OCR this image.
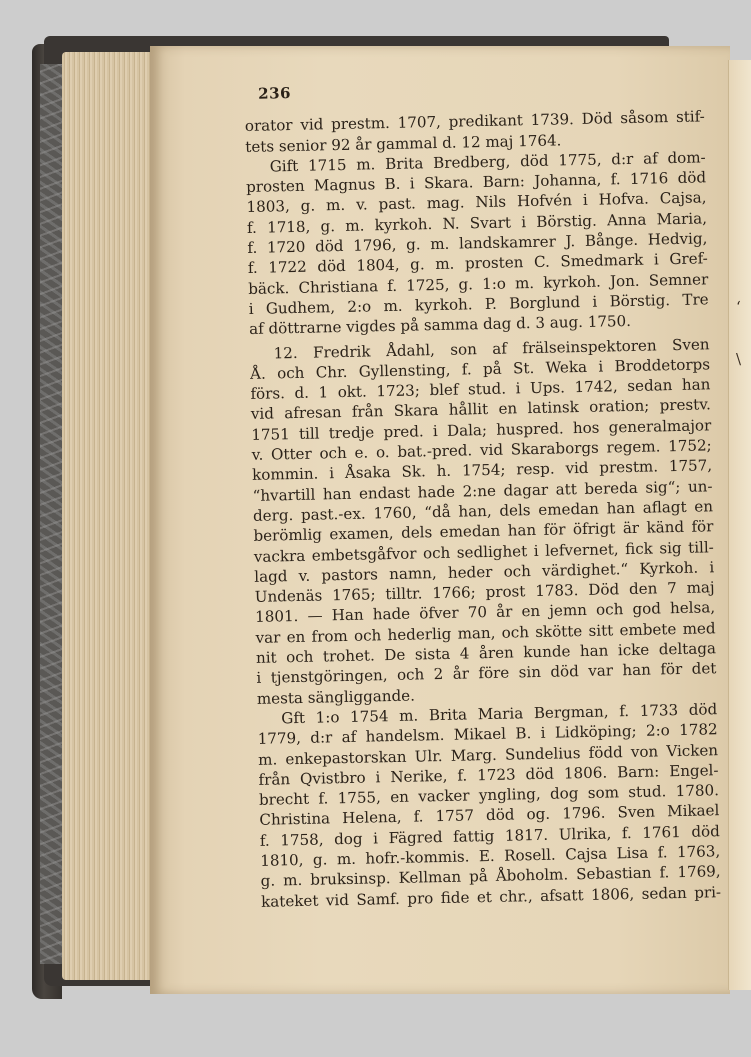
‘
\
236
orator vid prestm. 1707, predikant 1739. Död såsom stif-
tets senior 92 år gammal d. 12 maj 1764.
Gift 1715 m. Brita Bredberg, död 1775, d:r af dom-
prosten Magnus B. i Skara. Barn: Johanna, f. 1716 död
1803, g. m. v. past. mag. Nils Hofvén i Hofva. Cajsa,
f. 1718, g. m. kyrkoh. N. Svart i Börstig. Anna Maria,
f. 1720 död 1796, g. m. landskamrer J. Bånge. Hedvig,
f. 1722 död 1804, g. m. prosten C. Smedmark i Gref-
bäck. Christiana f. 1725, g. 1:o m. kyrkoh. Jon. Semner
i Gudhem, 2:o m. kyrkoh. P. Borglund i Börstig. Tre
af döttrarne vigdes på samma dag d. 3 aug. 1750.
12. Fredrik Ådahl, son af frälseinspektoren Sven
Å. och Chr. Gyllensting, f. på St. Weka i Broddetorps
förs. d. 1 okt. 1723; blef stud. i Ups. 1742, sedan han
vid afresan från Skara hållit en latinsk oration; prestv.
1751 till tredje pred. i Dala; huspred. hos generalmajor
v. Otter och e. o. bat.-pred. vid Skaraborgs regem. 1752;
kommin. i Åsaka Sk. h. 1754; resp. vid prestm. 1757,
“hvartill han endast hade 2:ne dagar att bereda sig“; un-
derg. past.-ex. 1760, “då han, dels emedan han aflagt en
berömlig examen, dels emedan han för öfrigt är känd för
vackra embetsgåfvor och sedlighet i lefvernet, fick sig till-
lagd v. pastors namn, heder och värdighet.“ Kyrkoh. i
Undenäs 1765; tilltr. 1766; prost 1783. Död den 7 maj
1801. — Han hade öfver 70 år en jemn och god helsa,
var en from och hederlig man, och skötte sitt embete med
nit och trohet. De sista 4 åren kunde han icke deltaga
i tjenstgöringen, och 2 år före sin död var han för det
mesta sängliggande.
Gft 1:o 1754 m. Brita Maria Bergman, f. 1733 död
1779, d:r af handelsm. Mikael B. i Lidköping; 2:o 1782
m. enkepastorskan Ulr. Marg. Sundelius född von Vicken
från Qvistbro i Nerike, f. 1723 död 1806. Barn: Engel-
brecht f. 1755, en vacker yngling, dog som stud. 1780.
Christina Helena, f. 1757 död og. 1796. Sven Mikael
f. 1758, dog i Fägred fattig 1817. Ulrika, f. 1761 död
1810, g. m. hofr.-kommis. E. Rosell. Cajsa Lisa f. 1763,
g. m. bruksinsp. Kellman på Åboholm. Sebastian f. 1769,
kateket vid Samf. pro fide et chr., afsatt 1806, sedan pri-
